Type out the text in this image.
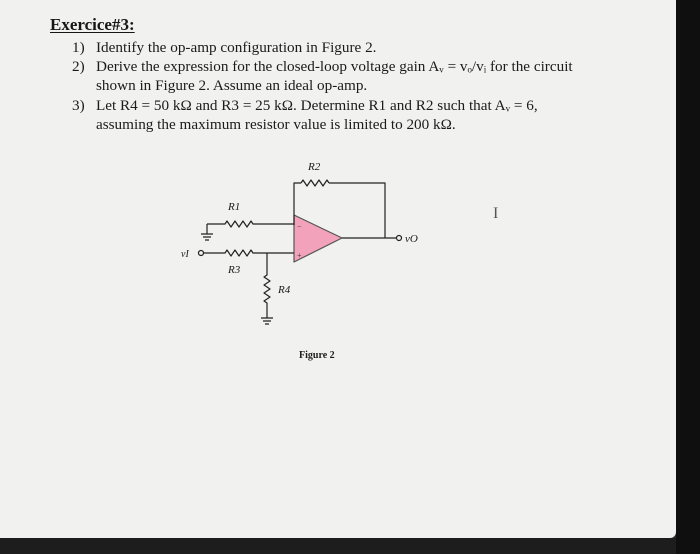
Exercice#3:
1) Identify the op-amp configuration in Figure 2.
2) Derive the expression for the closed-loop voltage gain Aᵥ = vₒ/vᵢ for the circuit
shown in Figure 2. Assume an ideal op-amp.
3) Let R4 = 50 kΩ and R3 = 25 kΩ. Determine R1 and R2 such that Aᵥ = 6,
assuming the maximum resistor value is limited to 200 kΩ.
−
+
R2
R1
R3
R4
vI
vO
Figure 2
I
